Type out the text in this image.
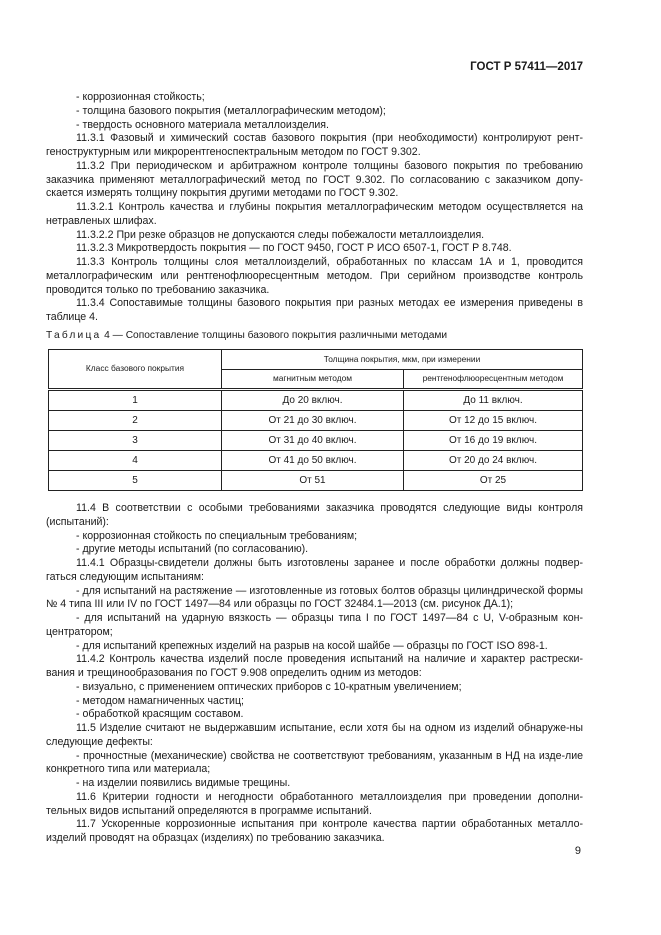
ГОСТ Р 57411—2017

- коррозионная стойкость;

- толщина базового покрытия (металлографическим методом);

- твердость основного материала металлоизделия.

11.3.1 Фазовый и химический состав базового покрытия (при необходимости) контролируют рент-геноструктурным или микрорентгеноспектральным методом по ГОСТ 9.302.

11.3.2 При периодическом и арбитражном контроле толщины базового покрытия по требованию заказчика применяют металлографический метод по ГОСТ 9.302. По согласованию с заказчиком допу-скается измерять толщину покрытия другими методами по ГОСТ 9.302.

11.3.2.1 Контроль качества и глубины покрытия металлографическим методом осуществляется на нетравленых шлифах.

11.3.2.2 При резке образцов не допускаются следы побежалости металлоизделия.

11.3.2.3 Микротвердость покрытия — по ГОСТ 9450, ГОСТ Р ИСО 6507-1, ГОСТ Р 8.748.

11.3.3 Контроль толщины слоя металлоизделий, обработанных по классам 1А и 1, проводится металлографическим или рентгенофлюоресцентным методом. При серийном производстве контроль проводится только по требованию заказчика.

11.3.4 Сопоставимые толщины базового покрытия при разных методах ее измерения приведены в таблице 4.

Таблица 4 — Сопоставление толщины базового покрытия различными методами
Класс базового покрытия	Толщина покрытия, мкм, при измерении	
	магнитным методом	рентгенофлюоресцентным методом
1	До 20 включ.	До 11 включ.
2	От 21 до 30 включ.	От 12 до 15 включ.
3	От 31 до 40 включ.	От 16 до 19 включ.
4	От 41 до 50 включ.	От 20 до 24 включ.
5	От 51	От 25

11.4 В соответствии с особыми требованиями заказчика проводятся следующие виды контроля (испытаний):

- коррозионная стойкость по специальным требованиям;

- другие методы испытаний (по согласованию).

11.4.1 Образцы-свидетели должны быть изготовлены заранее и после обработки должны подвер-гаться следующим испытаниям:

- для испытаний на растяжение — изготовленные из готовых болтов образцы цилиндрической формы № 4 типа III или IV по ГОСТ 1497—84 или образцы по ГОСТ 32484.1—2013 (см. рисунок ДА.1);

- для испытаний на ударную вязкость — образцы типа I по ГОСТ 1497—84 с U, V-образным кон-центратором;

- для испытаний крепежных изделий на разрыв на косой шайбе — образцы по ГОСТ ISO 898-1.

11.4.2 Контроль качества изделий после проведения испытаний на наличие и характер растрески-вания и трещинообразования по ГОСТ 9.908 определить одним из методов:

- визуально, с применением оптических приборов с 10-кратным увеличением;

- методом намагниченных частиц;

- обработкой красящим составом.

11.5 Изделие считают не выдержавшим испытание, если хотя бы на одном из изделий обнаруже-ны следующие дефекты:

- прочностные (механические) свойства не соответствуют требованиям, указанным в НД на изде-лие конкретного типа или материала;

- на изделии появились видимые трещины.

11.6 Критерии годности и негодности обработанного металлоизделия при проведении дополни-тельных видов испытаний определяются в программе испытаний.

11.7 Ускоренные коррозионные испытания при контроле качества партии обработанных металло-изделий проводят на образцах (изделиях) по требованию заказчика.

9
